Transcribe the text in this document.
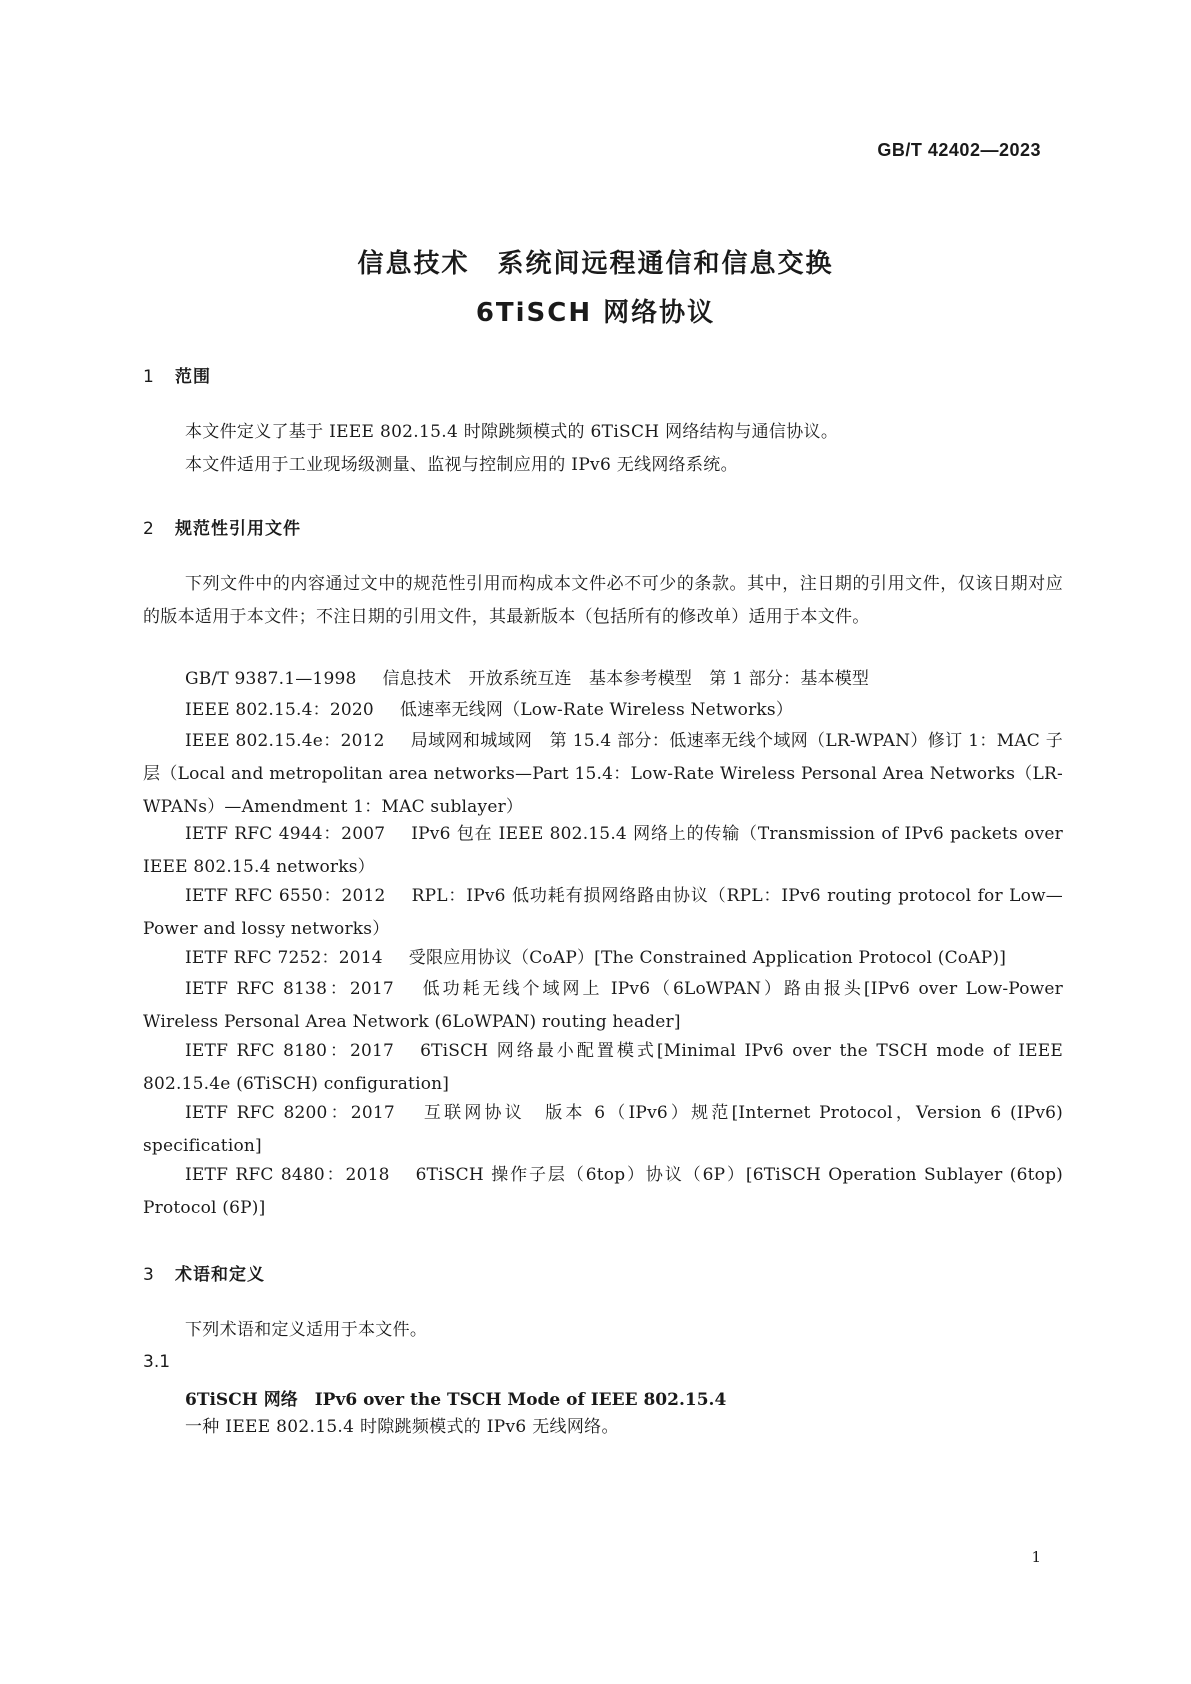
GB/T 42402—2023
信息技术　系统间远程通信和信息交换
6TiSCH 网络协议
1 范围
本文件定义了基于 IEEE 802.15.4 时隙跳频模式的 6TiSCH 网络结构与通信协议。
本文件适用于工业现场级测量、监视与控制应用的 IPv6 无线网络系统。
2 规范性引用文件
下列文件中的内容通过文中的规范性引用而构成本文件必不可少的条款。其中，注日期的引用文件，仅该日期对应的版本适用于本文件；不注日期的引用文件，其最新版本（包括所有的修改单）适用于本文件。
GB/T 9387.1—1998 信息技术　开放系统互连　基本参考模型　第 1 部分：基本模型
IEEE 802.15.4：2020 低速率无线网（Low-Rate Wireless Networks）
IEEE 802.15.4e：2012 局域网和城域网　第 15.4 部分：低速率无线个域网（LR-WPAN）修订 1：MAC 子层（Local and metropolitan area networks—Part 15.4：Low-Rate Wireless Personal Area Networks（LR-WPANs）—Amendment 1：MAC sublayer）
IETF RFC 4944：2007 IPv6 包在 IEEE 802.15.4 网络上的传输（Transmission of IPv6 packets over IEEE 802.15.4 networks）
IETF RFC 6550：2012 RPL：IPv6 低功耗有损网络路由协议（RPL：IPv6 routing protocol for Low—Power and lossy networks）
IETF RFC 7252：2014 受限应用协议（CoAP）[The Constrained Application Protocol (CoAP)]
IETF RFC 8138：2017 低功耗无线个域网上 IPv6（6LoWPAN）路由报头[IPv6 over Low-Power Wireless Personal Area Network (6LoWPAN) routing header]
IETF RFC 8180：2017 6TiSCH 网络最小配置模式[Minimal IPv6 over the TSCH mode of IEEE 802.15.4e (6TiSCH) configuration]
IETF RFC 8200：2017 互联网协议　版本 6（IPv6）规范[Internet Protocol，Version 6 (IPv6) specification]
IETF RFC 8480：2018 6TiSCH 操作子层（6top）协议（6P）[6TiSCH Operation Sublayer (6top) Protocol (6P)]
3 术语和定义
下列术语和定义适用于本文件。
3.1
6TiSCH 网络　IPv6 over the TSCH Mode of IEEE 802.15.4
一种 IEEE 802.15.4 时隙跳频模式的 IPv6 无线网络。
1
